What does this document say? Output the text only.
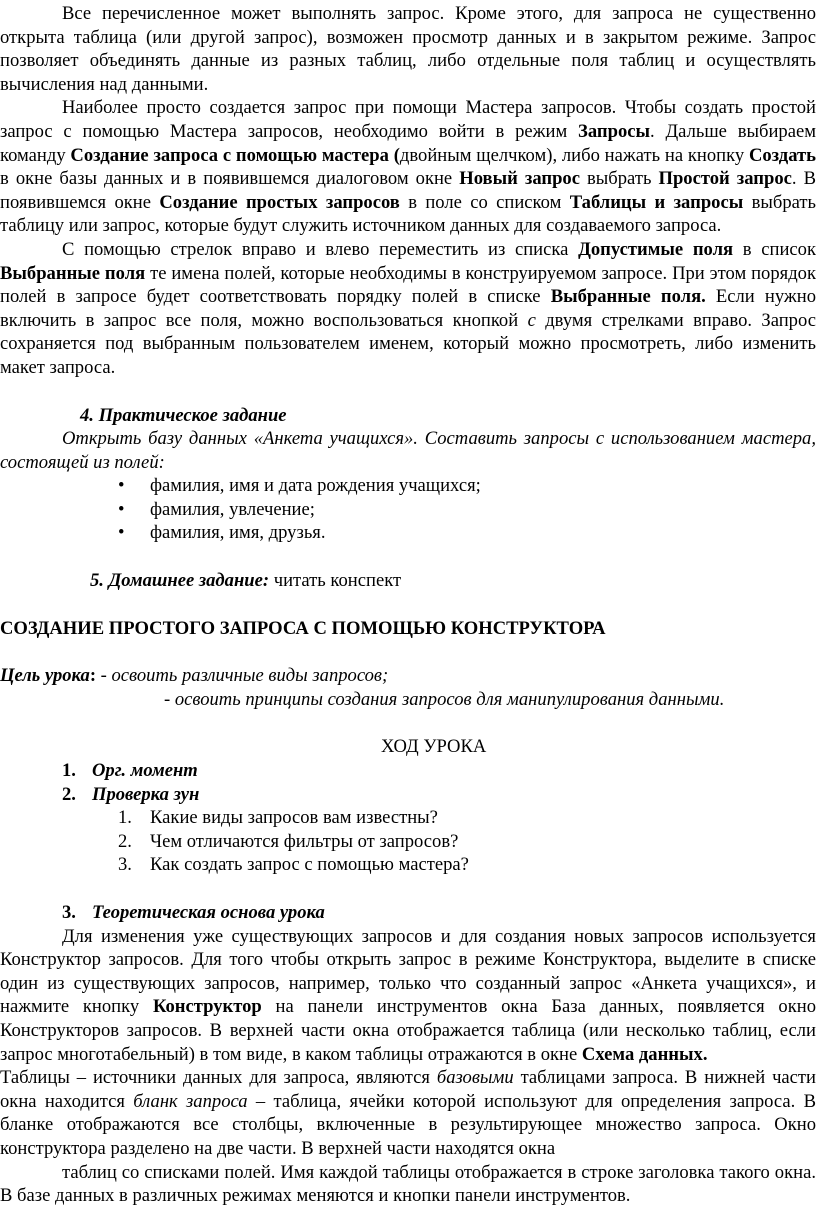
Все перечисленное может выполнять запрос. Кроме этого, для запроса не существенно открыта таблица (или другой запрос), возможен просмотр данных и в закрытом режиме. Запрос позволяет объединять данные из разных таблиц, либо отдельные поля таблиц и осуществлять вычисления над данными.

Наиболее просто создается запрос при помощи Мастера запросов. Чтобы создать простой запрос с помощью Мастера запросов, необходимо войти в режим Запросы. Дальше выбираем команду Создание запроса с помощью мастера (двойным щелчком), либо нажать на кнопку Создать в окне базы данных и в появившемся диалоговом окне Новый запрос выбрать Простой запрос. В появившемся окне Создание простых запросов в поле со списком Таблицы и запросы выбрать таблицу или запрос, которые будут служить источником данных для создаваемого запроса.

С помощью стрелок вправо и влево переместить из списка Допустимые поля в список Выбранные поля те имена полей, которые необходимы в конструируемом запросе. При этом порядок полей в запросе будет соответствовать порядку полей в списке Выбранные поля. Если нужно включить в запрос все поля, можно воспользоваться кнопкой с двумя стрелками вправо. Запрос сохраняется под выбранным пользователем именем, который можно просмотреть, либо изменить макет запроса.

4. Практическое задание

Открыть базу данных «Анкета учащихся». Составить запросы с использованием мастера, состоящей из полей:

• фамилия, имя и дата рождения учащихся;
• фамилия, увлечение;
• фамилия, имя, друзья.

5. Домашнее задание: читать конспект

СОЗДАНИЕ ПРОСТОГО ЗАПРОСА С ПОМОЩЬЮ КОНСТРУКТОРА

Цель урока: - освоить различные виды запросов;

- освоить принципы создания запросов для манипулирования данными.

ХОД УРОКА

1. Орг. момент
2. Проверка зун
1. Какие виды запросов вам известны?
2. Чем отличаются фильтры от запросов?
3. Как создать запрос с помощью мастера?
3. Теоретическая основа урока

Для изменения уже существующих запросов и для создания новых запросов используется Конструктор запросов. Для того чтобы открыть запрос в режиме Конструктора, выделите в списке один из существующих запросов, например, только что созданный запрос «Анкета учащихся», и нажмите кнопку Конструктор на панели инструментов окна База данных, появляется окно Конструкторов запросов. В верхней части окна отображается таблица (или несколько таблиц, если запрос многотабельный) в том виде, в каком таблицы отражаются в окне Схема данных.

Таблицы – источники данных для запроса, являются базовыми таблицами запроса. В нижней части окна находится бланк запроса – таблица, ячейки которой используют для определения запроса. В бланке отображаются все столбцы, включенные в результирующее множество запроса. Окно конструктора разделено на две части. В верхней части находятся окна

таблиц со списками полей. Имя каждой таблицы отображается в строке заголовка такого окна. В базе данных в различных режимах меняются и кнопки панели инструментов.
